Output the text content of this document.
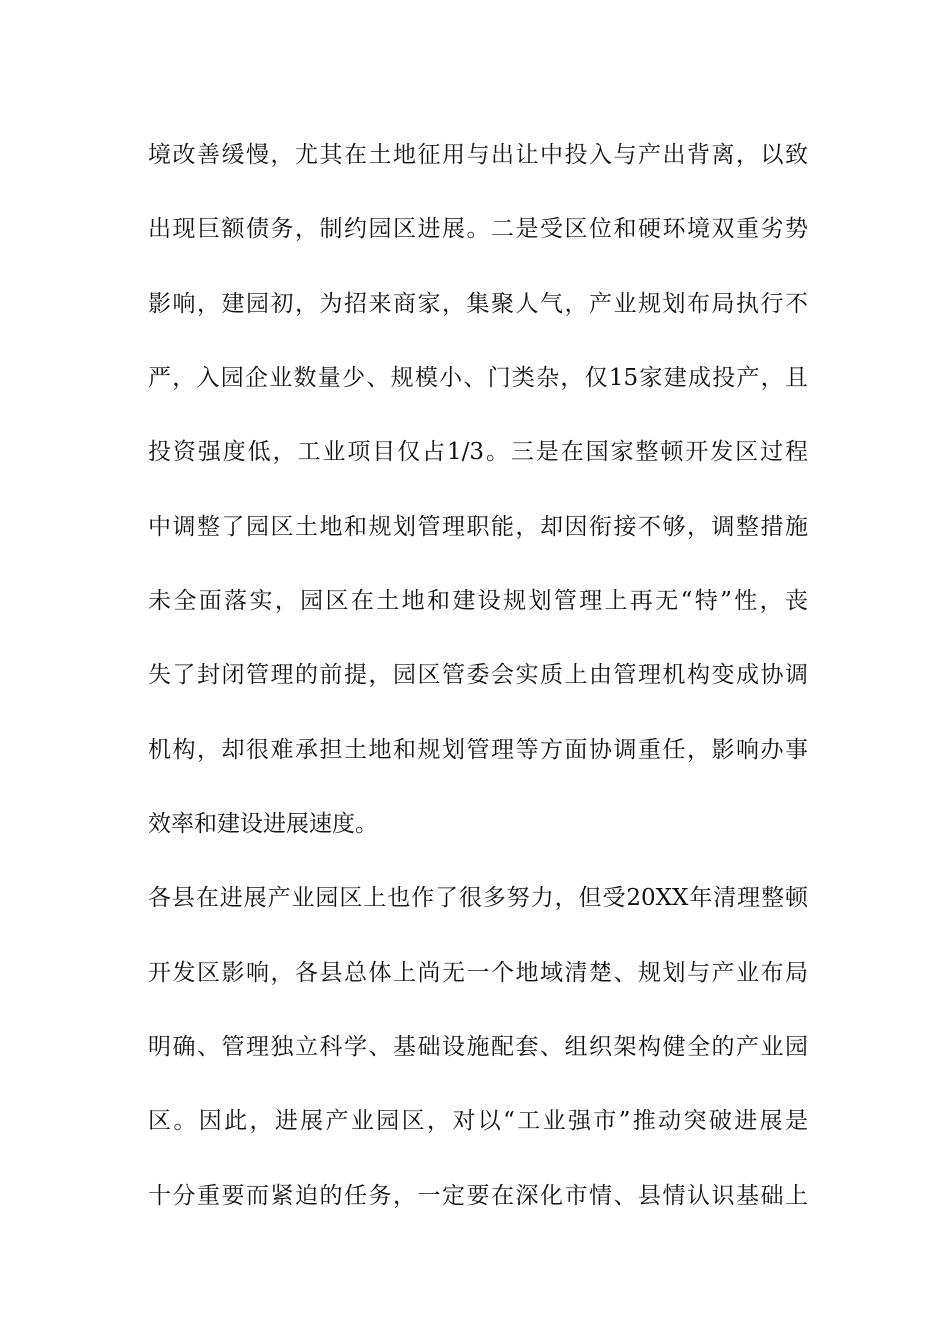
境改善缓慢，尤其在土地征用与出让中投入与产出背离，以致
出现巨额债务，制约园区进展。二是受区位和硬环境双重劣势
影响，建园初，为招来商家，集聚人气，产业规划布局执行不
严，入园企业数量少、规模小、门类杂，仅15家建成投产，且
投资强度低，工业项目仅占1/3。三是在国家整顿开发区过程
中调整了园区土地和规划管理职能，却因衔接不够，调整措施
未全面落实，园区在土地和建设规划管理上再无“特”性，丧
失了封闭管理的前提，园区管委会实质上由管理机构变成协调
机构，却很难承担土地和规划管理等方面协调重任，影响办事
效率和建设进展速度。
各县在进展产业园区上也作了很多努力，但受20XX年清理整顿
开发区影响，各县总体上尚无一个地域清楚、规划与产业布局
明确、管理独立科学、基础设施配套、组织架构健全的产业园
区。因此，进展产业园区，对以“工业强市”推动突破进展是
十分重要而紧迫的任务，一定要在深化市情、县情认识基础上
